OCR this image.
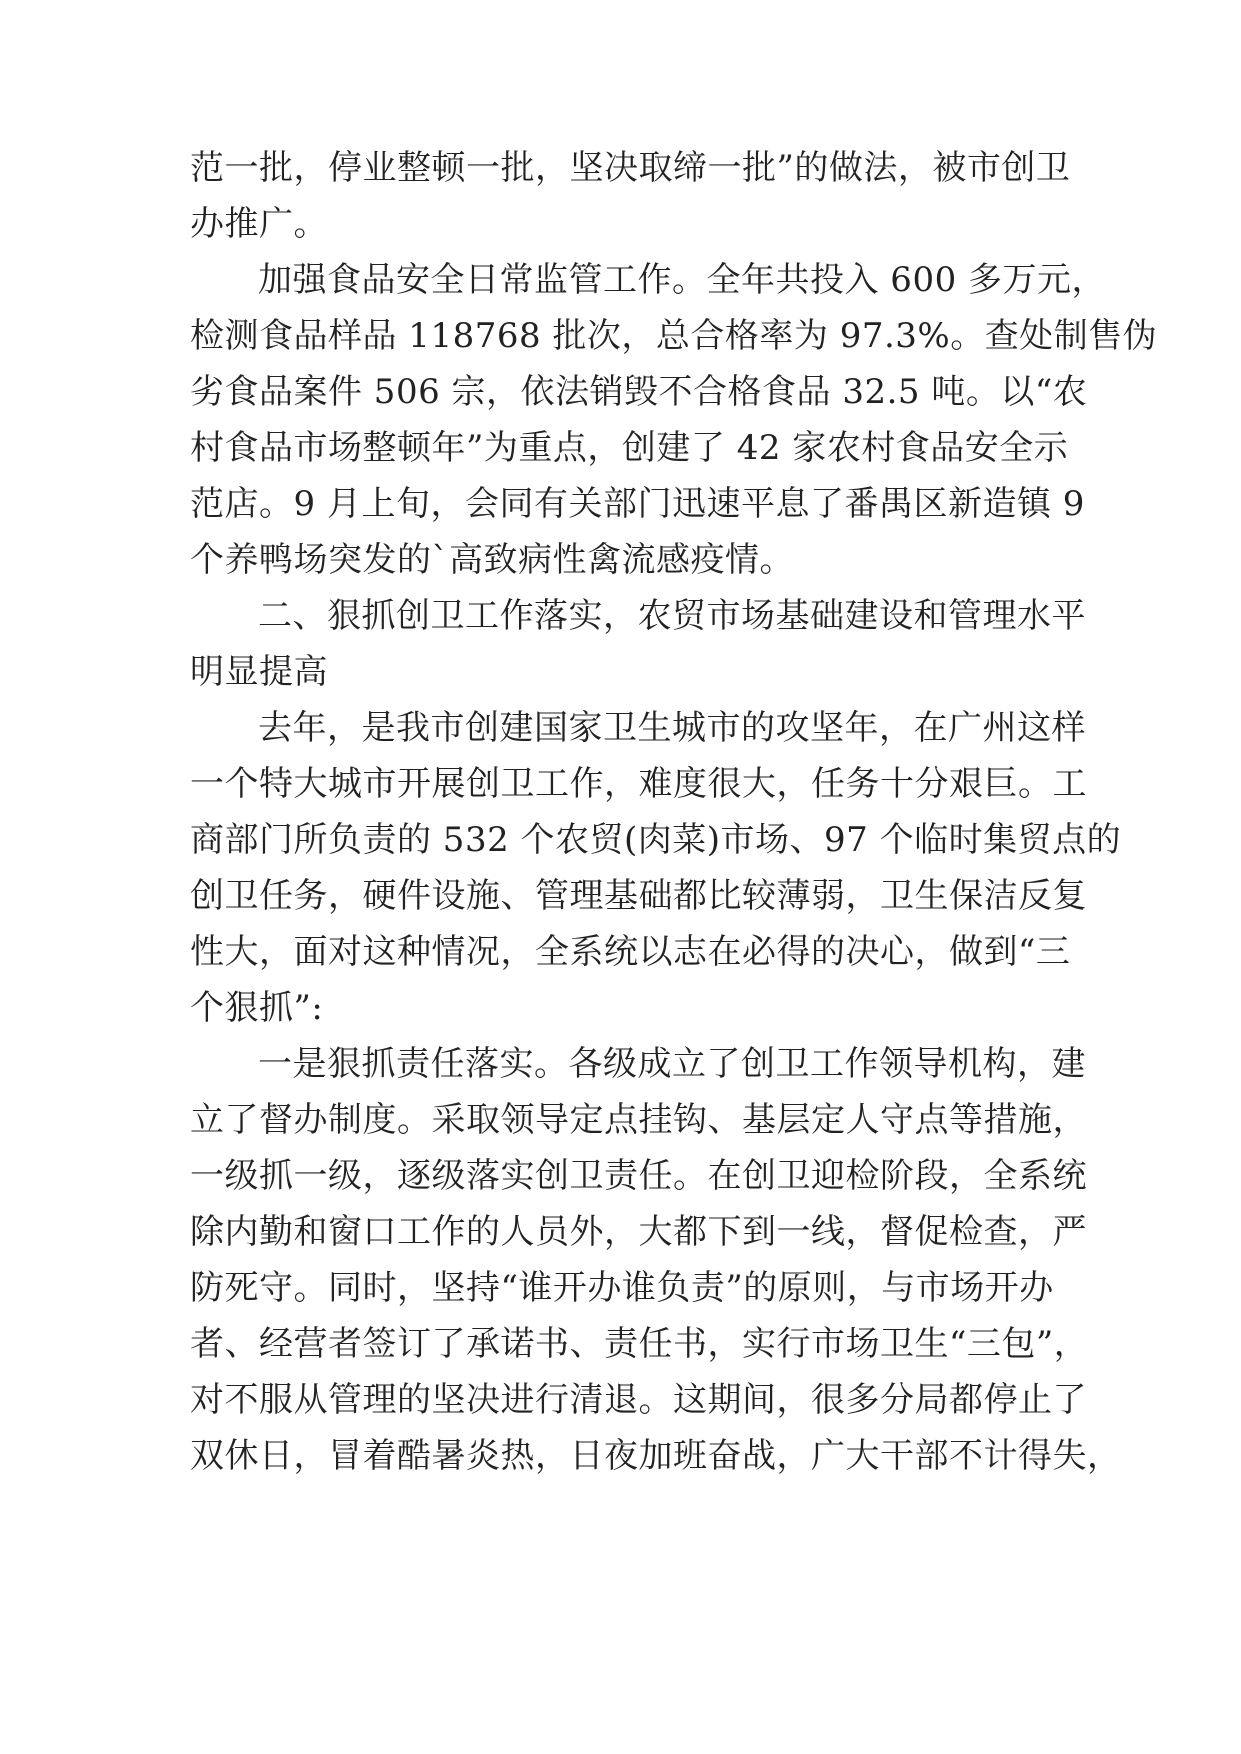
范一批，停业整顿一批，坚决取缔一批”的做法，被市创卫
办推广。
加强食品安全日常监管工作。全年共投入 600 多万元，
检测食品样品 118768 批次，总合格率为 97.3%。查处制售伪
劣食品案件 506 宗，依法销毁不合格食品 32.5 吨。以“农
村食品市场整顿年”为重点，创建了 42 家农村食品安全示
范店。9 月上旬，会同有关部门迅速平息了番禺区新造镇 9
个养鸭场突发的`高致病性禽流感疫情。
二、狠抓创卫工作落实，农贸市场基础建设和管理水平
明显提高
去年，是我市创建国家卫生城市的攻坚年，在广州这样
一个特大城市开展创卫工作，难度很大，任务十分艰巨。工
商部门所负责的 532 个农贸(肉菜)市场、97 个临时集贸点的
创卫任务，硬件设施、管理基础都比较薄弱，卫生保洁反复
性大，面对这种情况，全系统以志在必得的决心，做到“三
个狠抓”:
一是狠抓责任落实。各级成立了创卫工作领导机构，建
立了督办制度。采取领导定点挂钩、基层定人守点等措施，
一级抓一级，逐级落实创卫责任。在创卫迎检阶段，全系统
除内勤和窗口工作的人员外，大都下到一线，督促检查，严
防死守。同时，坚持“谁开办谁负责”的原则，与市场开办
者、经营者签订了承诺书、责任书，实行市场卫生“三包”，
对不服从管理的坚决进行清退。这期间，很多分局都停止了
双休日，冒着酷暑炎热，日夜加班奋战，广大干部不计得失，
